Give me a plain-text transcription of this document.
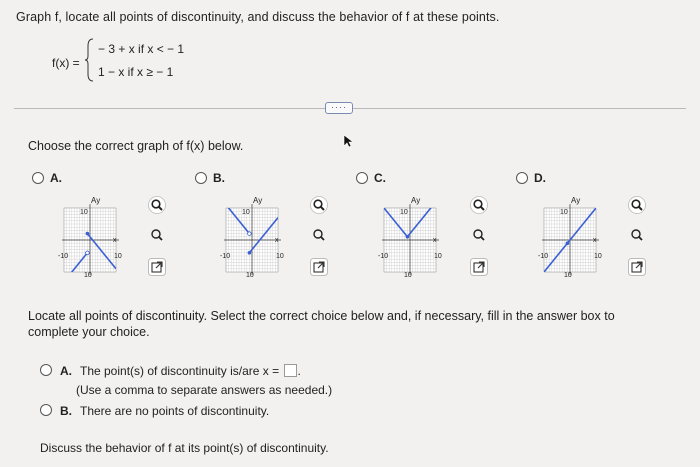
Graph f, locate all points of discontinuity, and discuss the behavior of f at these points.
f(x) =
− 3 + x if x < − 1
1 − x if x ≥ − 1
····
Choose the correct graph of f(x) below.
A.	B.	C.	D.
Ay
10
x
-10	10
10
Ay
10
x
-10	10
10
Ay
10
x
-10	10
10
Ay
10
x
-10	10
10
Locate all points of discontinuity. Select the correct choice below and, if necessary, fill in the answer box to complete your choice.
A. The point(s) of discontinuity is/are x = .
(Use a comma to separate answers as needed.)
B. There are no points of discontinuity.
Discuss the behavior of f at its point(s) of discontinuity.
